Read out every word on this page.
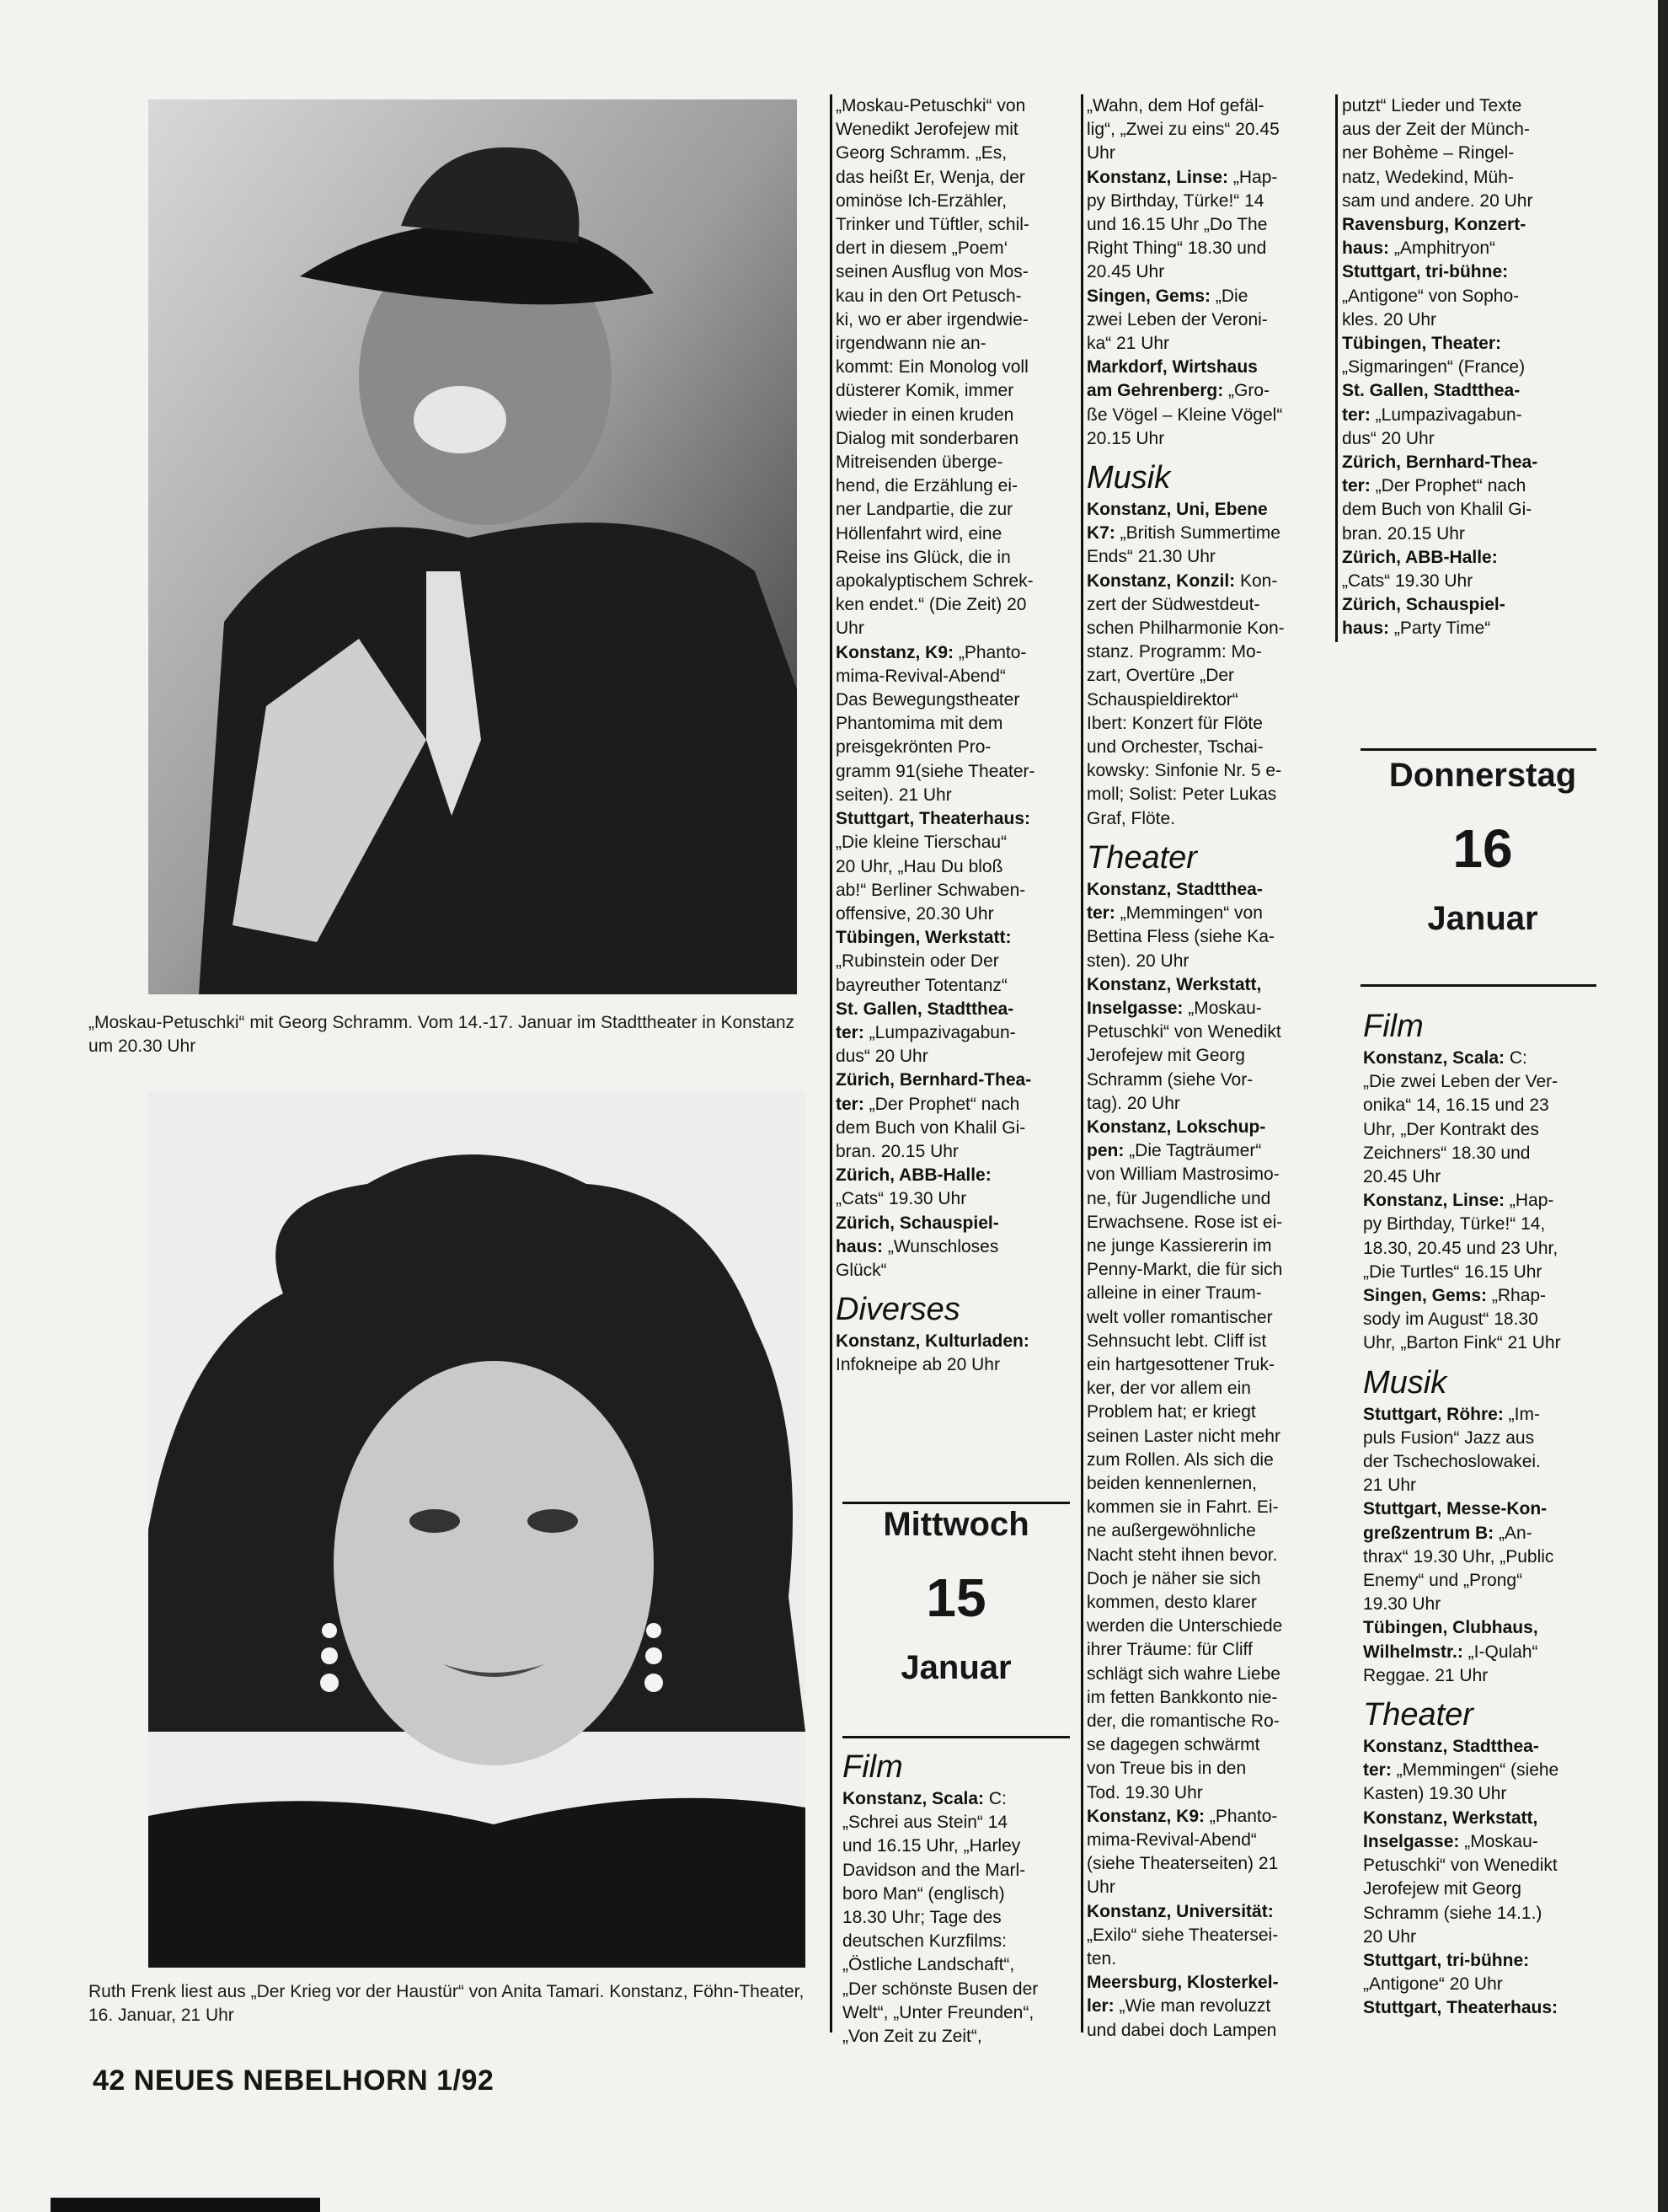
„Moskau-Petuschki“ mit Georg Schramm. Vom 14.-17. Januar im Stadttheater in Konstanz um 20.30 Uhr
Ruth Frenk liest aus „Der Krieg vor der Haustür“ von Anita Tamari. Konstanz, Föhn-Theater, 16. Januar, 21 Uhr

„Moskau-Petuschki“ von
Wenedikt Jerofejew mit
Georg Schramm. „Es,
das heißt Er, Wenja, der
ominöse Ich-Erzähler,
Trinker und Tüftler, schil-
dert in diesem „Poem‘
seinen Ausflug von Mos-
kau in den Ort Petusch-
ki, wo er aber irgendwie-
irgendwann nie an-
kommt: Ein Monolog voll
düsterer Komik, immer
wieder in einen kruden
Dialog mit sonderbaren
Mitreisenden überge-
hend, die Erzählung ei-
ner Landpartie, die zur
Höllenfahrt wird, eine
Reise ins Glück, die in
apokalyptischem Schrek-
ken endet.“ (Die Zeit) 20
Uhr

Konstanz, K9: „Phanto-
mima-Revival-Abend“
Das Bewegungstheater
Phantomima mit dem
preisgekrönten Pro-
gramm 91(siehe Theater-
seiten). 21 Uhr

Stuttgart, Theaterhaus:
„Die kleine Tierschau“
20 Uhr, „Hau Du bloß
ab!“ Berliner Schwaben-
offensive, 20.30 Uhr

Tübingen, Werkstatt:
„Rubinstein oder Der
bayreuther Totentanz“

St. Gallen, Stadtthea-
ter: „Lumpazivagabun-
dus“ 20 Uhr

Zürich, Bernhard-Thea-
ter: „Der Prophet“ nach
dem Buch von Khalil Gi-
bran. 20.15 Uhr

Zürich, ABB-Halle:
„Cats“ 19.30 Uhr

Zürich, Schauspiel-
haus: „Wunschloses
Glück“

Diverses

Konstanz, Kulturladen:
Infokneipe ab 20 Uhr

Mittwoch
15
Januar
Film

Konstanz, Scala: C:
„Schrei aus Stein“ 14
und 16.15 Uhr, „Harley
Davidson and the Marl-
boro Man“ (englisch)
18.30 Uhr; Tage des
deutschen Kurzfilms:
„Östliche Landschaft“,
„Der schönste Busen der
Welt“, „Unter Freunden“,
„Von Zeit zu Zeit“,

„Wahn, dem Hof gefäl-
lig“, „Zwei zu eins“ 20.45
Uhr

Konstanz, Linse: „Hap-
py Birthday, Türke!“ 14
und 16.15 Uhr „Do The
Right Thing“ 18.30 und
20.45 Uhr

Singen, Gems: „Die
zwei Leben der Veroni-
ka“ 21 Uhr

Markdorf, Wirtshaus
am Gehrenberg: „Gro-
ße Vögel – Kleine Vögel“
20.15 Uhr

Musik

Konstanz, Uni, Ebene
K7: „British Summertime
Ends“ 21.30 Uhr

Konstanz, Konzil: Kon-
zert der Südwestdeut-
schen Philharmonie Kon-
stanz. Programm: Mo-
zart, Overtüre „Der
Schauspieldirektor“
Ibert: Konzert für Flöte
und Orchester, Tschai-
kowsky: Sinfonie Nr. 5 e-
moll; Solist: Peter Lukas
Graf, Flöte.

Theater

Konstanz, Stadtthea-
ter: „Memmingen“ von
Bettina Fless (siehe Ka-
sten). 20 Uhr

Konstanz, Werkstatt,
Inselgasse: „Moskau-
Petuschki“ von Wenedikt
Jerofejew mit Georg
Schramm (siehe Vor-
tag). 20 Uhr

Konstanz, Lokschup-
pen: „Die Tagträumer“
von William Mastrosimo-
ne, für Jugendliche und
Erwachsene. Rose ist ei-
ne junge Kassiererin im
Penny-Markt, die für sich
alleine in einer Traum-
welt voller romantischer
Sehnsucht lebt. Cliff ist
ein hartgesottener Truk-
ker, der vor allem ein
Problem hat; er kriegt
seinen Laster nicht mehr
zum Rollen. Als sich die
beiden kennenlernen,
kommen sie in Fahrt. Ei-
ne außergewöhnliche
Nacht steht ihnen bevor.
Doch je näher sie sich
kommen, desto klarer
werden die Unterschiede
ihrer Träume: für Cliff
schlägt sich wahre Liebe
im fetten Bankkonto nie-
der, die romantische Ro-
se dagegen schwärmt
von Treue bis in den
Tod. 19.30 Uhr

Konstanz, K9: „Phanto-
mima-Revival-Abend“
(siehe Theaterseiten) 21
Uhr

Konstanz, Universität:
„Exilo“ siehe Theatersei-
ten.

Meersburg, Klosterkel-
ler: „Wie man revoluzzt
und dabei doch Lampen

putzt“ Lieder und Texte
aus der Zeit der Münch-
ner Bohème – Ringel-
natz, Wedekind, Müh-
sam und andere. 20 Uhr

Ravensburg, Konzert-
haus: „Amphitryon“

Stuttgart, tri-bühne:
„Antigone“ von Sopho-
kles. 20 Uhr

Tübingen, Theater:
„Sigmaringen“ (France)

St. Gallen, Stadtthea-
ter: „Lumpazivagabun-
dus“ 20 Uhr

Zürich, Bernhard-Thea-
ter: „Der Prophet“ nach
dem Buch von Khalil Gi-
bran. 20.15 Uhr

Zürich, ABB-Halle:
„Cats“ 19.30 Uhr

Zürich, Schauspiel-
haus: „Party Time“

Donnerstag
16
Januar
Film

Konstanz, Scala: C:
„Die zwei Leben der Ver-
onika“ 14, 16.15 und 23
Uhr, „Der Kontrakt des
Zeichners“ 18.30 und
20.45 Uhr

Konstanz, Linse: „Hap-
py Birthday, Türke!“ 14,
18.30, 20.45 und 23 Uhr,
„Die Turtles“ 16.15 Uhr

Singen, Gems: „Rhap-
sody im August“ 18.30
Uhr, „Barton Fink“ 21 Uhr

Musik

Stuttgart, Röhre: „Im-
puls Fusion“ Jazz aus
der Tschechoslowakei.
21 Uhr

Stuttgart, Messe-Kon-
greßzentrum B: „An-
thrax“ 19.30 Uhr, „Public
Enemy“ und „Prong“
19.30 Uhr

Tübingen, Clubhaus,
Wilhelmstr.: „I-Qulah“
Reggae. 21 Uhr

Theater

Konstanz, Stadtthea-
ter: „Memmingen“ (siehe
Kasten) 19.30 Uhr

Konstanz, Werkstatt,
Inselgasse: „Moskau-
Petuschki“ von Wenedikt
Jerofejew mit Georg
Schramm (siehe 14.1.)
20 Uhr

Stuttgart, tri-bühne:
„Antigone“ 20 Uhr

Stuttgart, Theaterhaus:

42 NEUES NEBELHORN 1/92
